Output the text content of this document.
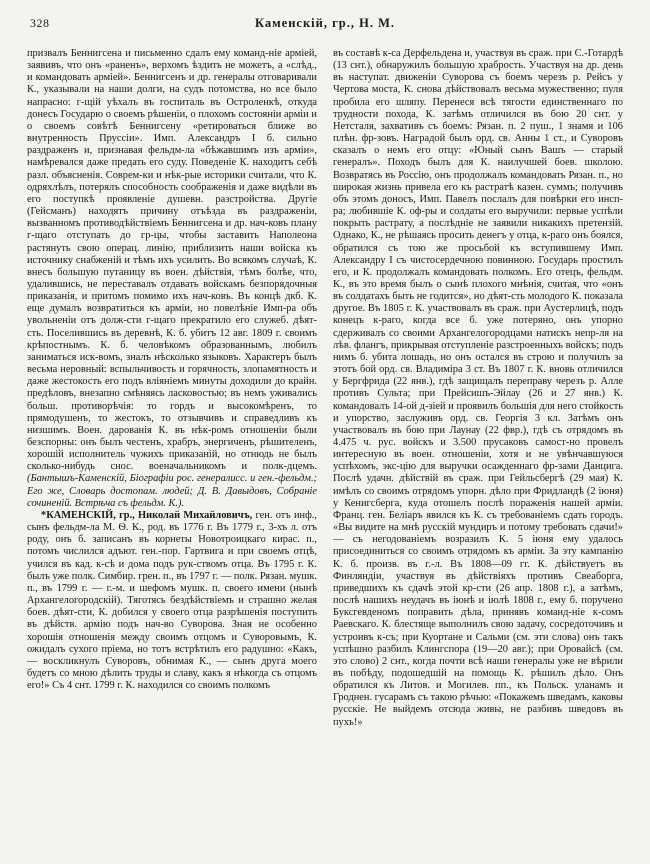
328	Каменскій, гр., Н. М.

призвалъ Беннигсена и письменно сдалъ ему команд-ніе арміей, заявивъ, что онъ «раненъ», верхомъ ѣздить не можетъ, а «слѣд., и командовать арміей». Беннигсенъ и др. генералы отговаривали К., указывали на наши долги, на судъ потомства, но все было напрасно: г-щій уѣхалъ въ госпиталь въ Остроленкѣ, откуда донесъ Государю о своемъ рѣшеніи, о плохомъ состояніи арміи и о своемъ совѣтѣ Беннигсену «ретироваться ближе во внутренность Пруссіи». Имп. Александръ I б. сильно раздраженъ и, признавая фельдм-ла «бѣжавшимъ изъ арміи», намѣревался даже предать его суду. Поведеніе К. находитъ себѣ разл. объясненія. Соврем-ки и нѣк-рые историки считали, что К. одряхлѣлъ, потерялъ способность соображенія и даже видѣли въ его поступкѣ проявленіе душевн. разстройства. Другіе (Гейсманъ) находятъ причину отъѣзда въ раздраженіи, вызванномъ противодѣйствіемъ Беннигсена и др. нач-ковъ плану г-щаго отступать до гр-цы, чтобы заставить Наполеона растянуть свою операц. линію, приблизить наши войска къ источнику снабженій и тѣмъ ихъ усилить. Во всякомъ случаѣ, К. внесъ большую путаницу въ воен. дѣйствія, тѣмъ болѣе, что, удалившись, не переставалъ отдавать войскамъ безпорядочныя приказанія, и притомъ помимо ихъ нач-ковъ. Въ концѣ дкб. К. еще думалъ возвратиться къ арміи, но повелѣніе Имп-ра объ увольненіи отъ долж-сти г-щаго прекратило его служеб. дѣят-сть. Поселившись въ деревнѣ, К. б. убитъ 12 авг. 1809 г. своимъ крѣпостнымъ. К. б. человѣкомъ образованнымъ, любилъ заниматься иск-вомъ, зналъ нѣсколько языковъ. Характеръ былъ весьма неровный: вспыльчивость и горячность, злопамятность и даже жестокость его подъ вліяніемъ минуты доходили до крайн. предѣловъ, внезапно смѣняясь ласковостью; въ немъ уживались больш. противорѣчія: то гордъ и высокомѣренъ, то прямодушенъ, то жестокъ, то отзывчивъ и справедливъ къ низшимъ. Воен. дарованія К. въ нѣк-ромъ отношеніи были безспорны: онъ былъ честенъ, храбръ, энергиченъ, рѣшителенъ, хорошій исполнитель чужихъ приказаній, но отнюдь не былъ сколько-нибудь снос. военачальникомъ и полк-дцемъ. (Бантышъ-Каменскій, Біографіи рос. генералисс. и ген.-фельдм.; Его же, Словарь достопам. людей; Д. В. Давыдовъ, Собраніе сочиненій. Встрѣча съ фельдм. К.).

*КАМЕНСКІЙ, гр., Николай Михайловичъ, ген. отъ инф., сынъ фельдм-ла М. Ѳ. К., род. въ 1776 г. Въ 1779 г., 3-хъ л. отъ роду, онъ б. записанъ въ корнеты Новотроицкаго кирас. п., потомъ числился адъют. ген.-пор. Гартвига и при своемъ отцѣ, учился въ кад. к-сѣ и дома подъ рук-ствомъ отца. Въ 1795 г. К. былъ уже полк. Симбир. грен. п., въ 1797 г. — полк. Рязан. мушк. п., въ 1799 г. — г.-м. и шефомъ мушк. п. своего имени (нынѣ Архангелогородскій). Тяготясь бездѣйствіемъ и страшно желая боев. дѣят-сти, К. добился у своего отца разрѣшенія поступить въ дѣйств. армію подъ нач-во Суворова. Зная не особенно хорошія отношенія между своимъ отцомъ и Суворовымъ, К. ожидалъ сухого пріема, но тотъ встрѣтилъ его радушно: «Какъ, — воскликнулъ Суворовъ, обнимая К., — сынъ друга моего будетъ со мною дѣлить труды и славу, какъ я нѣкогда съ отцомъ его!» Съ 4 снт. 1799 г. К. находился со своимъ полкомъ

въ составѣ к-са Дерфельдена и, участвуя въ сраж. при С.-Готардѣ (13 снт.), обнаружилъ большую храбрость. Участвуя на др. день въ наступат. движеніи Суворова съ боемъ черезъ р. Рейсъ у Чертова моста, К. снова дѣйствовалъ весьма мужественно; пуля пробила его шляпу. Перенеся всѣ тягости единственнаго по трудности похода, К. затѣмъ отличился въ бою 20 снт. у Нетсталя, захвативъ съ боемъ: Рязан. п. 2 пуш., 1 знамя и 106 плѣн. фр-зовъ. Наградой былъ орд. св. Анны 1 ст., и Суворовъ сказалъ о немъ его отцу: «Юный сынъ Вашъ — старый генералъ». Походъ былъ для К. наилучшей боев. школою. Возвратясь въ Россію, онъ продолжалъ командовать Рязан. п., но широкая жизнь привела его къ растратѣ казен. суммъ; получивъ объ этомъ доносъ, Имп. Павелъ послалъ для повѣрки его инсп-ра; любившіе К. оф-ры и солдаты его выручили: первые успѣли покрыть растрату, а послѣдніе не заявили никакихъ претензій. Однако, К., не рѣшаясь просить денегъ у отца, к-раго онъ боялся, обратился съ тою же просьбой къ вступившему Имп. Александру I съ чистосердечною повинною. Государь простилъ его, и К. продолжалъ командовать полкомъ. Его отецъ, фельдм. К., въ это время былъ о сынѣ плохого мнѣнія, считая, что «онъ въ солдатахъ быть не годится», но дѣят-сть молодого К. показала другое. Въ 1805 г. К. участвовалъ въ сраж. при Аустерлицѣ, подъ конецъ к-раго, когда все б. уже потеряно, онъ упорно сдерживалъ со своими Архангелогородцами натискъ непр-ля на лѣв. флангъ, прикрывая отступленіе разстроенныхъ войскъ; подъ нимъ б. убита лошадь, но онъ остался въ строю и получилъ за этотъ бой орд. св. Владиміра 3 ст. Въ 1807 г. К. вновь отличился у Бергфрида (22 янв.), гдѣ защищалъ переправу черезъ р. Алле противъ Сульта; при Прейсишъ-Эйлау (26 и 27 янв.) К. командовалъ 14-ой д-зіей и проявилъ большія для него стойкость и упорство, заслуживъ орд. св. Георгія 3 кл. Затѣмъ онъ участвовалъ въ бою при Лаунау (22 фвр.), гдѣ съ отрядомъ въ 4.475 ч. рус. войскъ и 3.500 прусаковъ самост-но провелъ интересную въ воен. отношеніи, хотя и не увѣнчавшуюся успѣхомъ, экс-цію для выручки осажденнаго фр-зами Данцига. Послѣ удачн. дѣйствій въ сраж. при Гейльсбергѣ (29 мая) К. имѣлъ со своимъ отрядомъ упорн. дѣло при Фридландѣ (2 іюня) у Кенигсберга, куда отошелъ послѣ пораженія нашей арміи. Франц. ген. Беліаръ явился къ К. съ требованіемъ сдать городъ. «Вы видите на мнѣ русскій мундиръ и потому требовать сдачи!» — съ негодованіемъ возразилъ К. 5 іюня ему удалось присоединиться со своимъ отрядомъ къ арміи. За эту кампанію К. б. произв. въ г.-л. Въ 1808—09 гг. К. дѣйствуетъ въ Финляндіи, участвуя въ дѣйствіяхъ противъ Свеаборга, приведшихъ къ сдачѣ этой кр-сти (26 апр. 1808 г.), а затѣмъ, послѣ нашихъ неудачъ въ іюнѣ и іюлѣ 1808 г., ему б. поручено Буксгевденомъ поправить дѣла, принявъ команд-ніе к-сомъ Раевскаго. К. блестяще выполнилъ свою задачу, сосредоточивъ и устроивъ к-съ; при Куортане и Сальми (см. эти слова) онъ такъ успѣшно разбилъ Клингспора (19—20 авг.); при Оровайсѣ (см. это слово) 2 снт., когда почти всѣ наши генералы уже не вѣрили въ побѣду, подошедшій на помощь К. рѣшилъ дѣло. Онъ обратился къ Литов. и Могилев. пп., къ Польск. уланамъ и Гроднен. гусарамъ съ такою рѣчью: «Покажемъ шведамъ, каковы русскіе. Не выйдемъ отсюда живы, не разбивъ шведовъ въ пухъ!»
